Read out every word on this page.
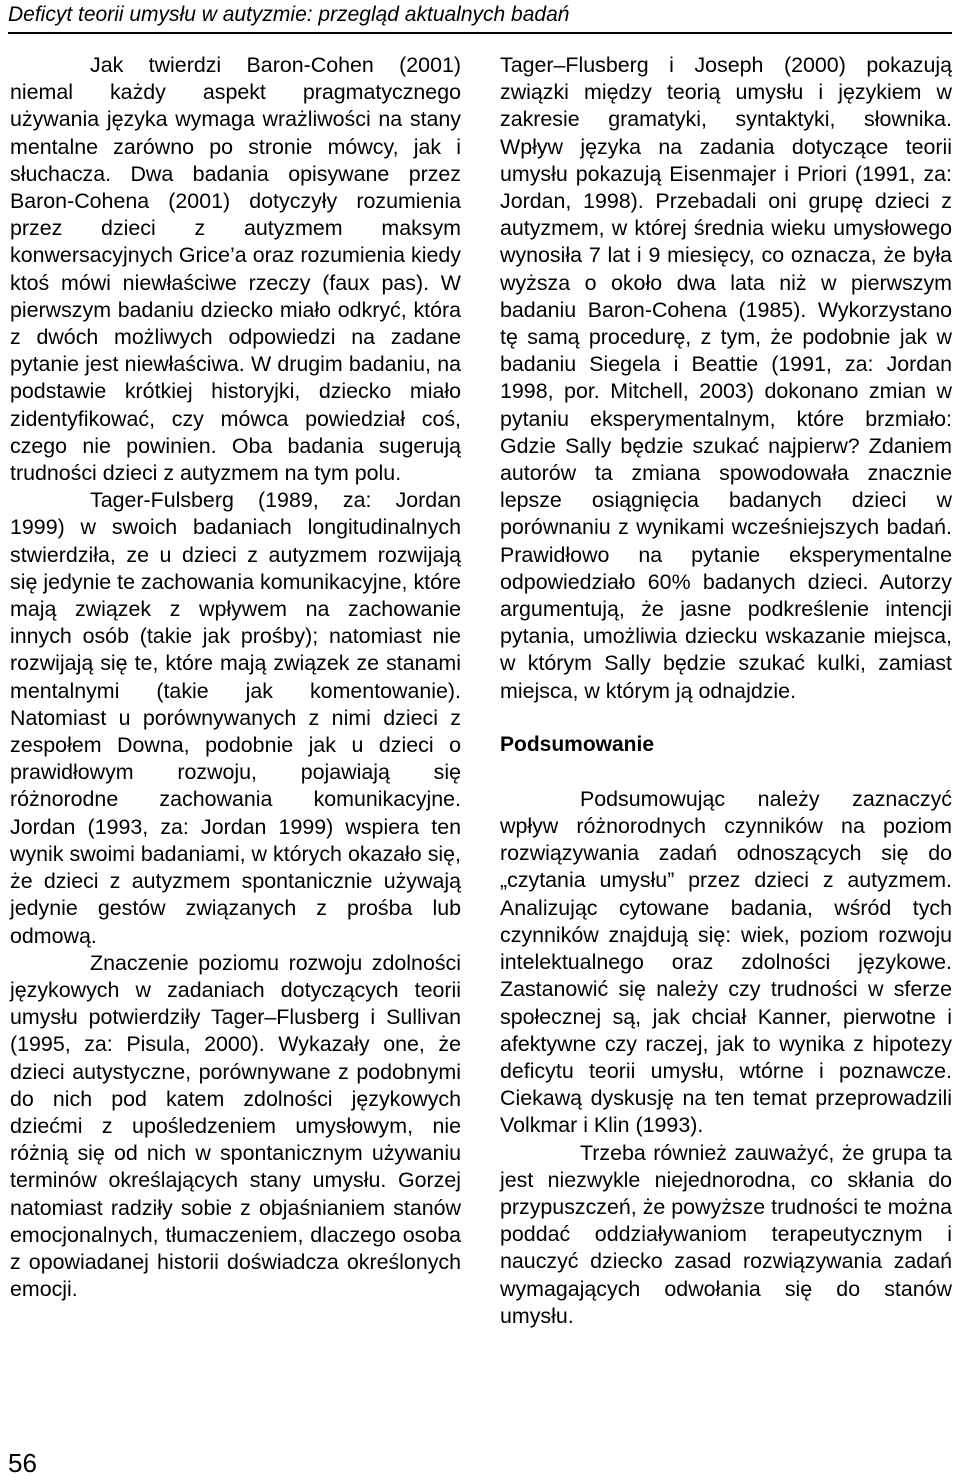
Deficyt teorii umysłu w autyzmie: przegląd aktualnych badań

Jak twierdzi Baron-Cohen (2001) niemal każdy aspekt pragmatycznego używania języka wymaga wrażliwości na stany mentalne zarówno po stronie mówcy, jak i słuchacza. Dwa badania opisywane przez Baron-Cohena (2001) dotyczyły rozumienia przez dzieci z autyzmem maksym konwersacyjnych Grice’a oraz rozumienia kiedy ktoś mówi niewłaściwe rzeczy (faux pas). W pierwszym badaniu dziecko miało odkryć, która z dwóch możliwych odpowiedzi na zadane pytanie jest niewłaściwa. W drugim badaniu, na podstawie krótkiej historyjki, dziecko miało zidentyfikować, czy mówca powiedział coś, czego nie powinien. Oba badania sugerują trudności dzieci z autyzmem na tym polu.

Tager-Fulsberg (1989, za: Jordan 1999) w swoich badaniach longitudinalnych stwierdziła, ze u dzieci z autyzmem rozwijają się jedynie te zachowania komunikacyjne, które mają związek z wpływem na zachowanie innych osób (takie jak prośby); natomiast nie rozwijają się te, które mają związek ze stanami mentalnymi (takie jak komentowanie). Natomiast u porównywanych z nimi dzieci z zespołem Downa, podobnie jak u dzieci o prawidłowym rozwoju, pojawiają się różnorodne zachowania komunikacyjne. Jordan (1993, za: Jordan 1999) wspiera ten wynik swoimi badaniami, w których okazało się, że dzieci z autyzmem spontanicznie używają jedynie gestów związanych z prośba lub odmową.

Znaczenie poziomu rozwoju zdolności językowych w zadaniach dotyczących teorii umysłu potwierdziły Tager–Flusberg i Sullivan (1995, za: Pisula, 2000). Wykazały one, że dzieci autystyczne, porównywane z podobnymi do nich pod katem zdolności językowych dziećmi z upośledzeniem umysłowym, nie różnią się od nich w spontanicznym używaniu terminów określających stany umysłu. Gorzej natomiast radziły sobie z objaśnianiem stanów emocjonalnych, tłumaczeniem, dlaczego osoba z opowiadanej historii doświadcza określonych emocji.

Tager–Flusberg i Joseph (2000) pokazują związki między teorią umysłu i językiem w zakresie gramatyki, syntaktyki, słownika. Wpływ języka na zadania dotyczące teorii umysłu pokazują Eisenmajer i Priori (1991, za: Jordan, 1998). Przebadali oni grupę dzieci z autyzmem, w której średnia wieku umysłowego wynosiła 7 lat i 9 miesięcy, co oznacza, że była wyższa o około dwa lata niż w pierwszym badaniu Baron-Cohena (1985). Wykorzystano tę samą procedurę, z tym, że podobnie jak w badaniu Siegela i Beattie (1991, za: Jordan 1998, por. Mitchell, 2003) dokonano zmian w pytaniu eksperymentalnym, które brzmiało: Gdzie Sally będzie szukać najpierw? Zdaniem autorów ta zmiana spowodowała znacznie lepsze osiągnięcia badanych dzieci w porównaniu z wynikami wcześniejszych badań. Prawidłowo na pytanie eksperymentalne odpowiedziało 60% badanych dzieci. Autorzy argumentują, że jasne podkreślenie intencji pytania, umożliwia dziecku wskazanie miejsca, w którym Sally będzie szukać kulki, zamiast miejsca, w którym ją odnajdzie.

Podsumowanie

Podsumowując należy zaznaczyć wpływ różnorodnych czynników na poziom rozwiązywania zadań odnoszących się do „czytania umysłu” przez dzieci z autyzmem. Analizując cytowane badania, wśród tych czynników znajdują się: wiek, poziom rozwoju intelektualnego oraz zdolności językowe. Zastanowić się należy czy trudności w sferze społecznej są, jak chciał Kanner, pierwotne i afektywne czy raczej, jak to wynika z hipotezy deficytu teorii umysłu, wtórne i poznawcze. Ciekawą dyskusję na ten temat przeprowadzili Volkmar i Klin (1993).

Trzeba również zauważyć, że grupa ta jest niezwykle niejednorodna, co skłania do przypuszczeń, że powyższe trudności te można poddać oddziaływaniom terapeutycznym i nauczyć dziecko zasad rozwiązywania zadań wymagających odwołania się do stanów umysłu.

56
